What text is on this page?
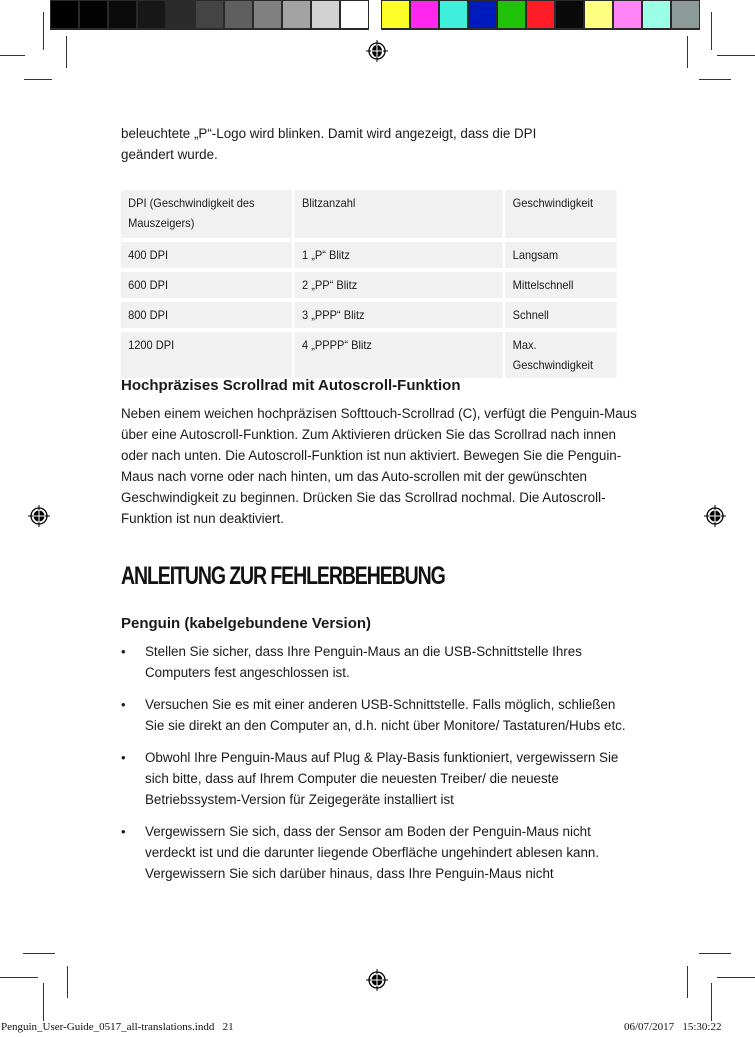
beleuchtete „P“-Logo wird blinken. Damit wird angezeigt, dass die DPI geändert wurde.

DPI (Geschwindigkeit des Mauszeigers)	Blitzanzahl	Geschwindigkeit
400 DPI	1 „P“ Blitz	Langsam
600 DPI	2 „PP“ Blitz	Mittelschnell
800 DPI	3 „PPP“ Blitz	Schnell
1200 DPI	4 „PPPP“ Blitz	Max. Geschwindigkeit
Hochpräzises Scrollrad mit Autoscroll-Funktion

Neben einem weichen hochpräzisen Softtouch-Scrollrad (C), verfügt die Penguin-Maus über eine Autoscroll-Funktion. Zum Aktivieren drücken Sie das Scrollrad nach innen oder nach unten. Die Autoscroll-Funktion ist nun aktiviert. Bewegen Sie die Penguin-Maus nach vorne oder nach hinten, um das Auto-scrollen mit der gewünschten Geschwindigkeit zu beginnen. Drücken Sie das Scrollrad nochmal. Die Autoscroll-Funktion ist nun deaktiviert.

ANLEITUNG ZUR FEHLERBEHEBUNG
Penguin (kabelgebundene Version)
•	Stellen Sie sicher, dass Ihre Penguin-Maus an die USB-Schnittstelle Ihres Computers fest angeschlossen ist.
•	Versuchen Sie es mit einer anderen USB-Schnittstelle. Falls möglich, schließen Sie sie direkt an den Computer an, d.h. nicht über Monitore/ Tastaturen/Hubs etc.
•	Obwohl Ihre Penguin-Maus auf Plug & Play-Basis funktioniert, vergewissern Sie sich bitte, dass auf Ihrem Computer die neuesten Treiber/ die neueste Betriebssystem-Version für Zeigegeräte installiert ist
•	Vergewissern Sie sich, dass der Sensor am Boden der Penguin-Maus nicht verdeckt ist und die darunter liegende Oberfläche ungehindert ablesen kann. Vergewissern Sie sich darüber hinaus, dass Ihre Penguin-Maus nicht
Penguin_User-Guide_0517_all-translations.indd   21	06/07/2017 15:30:22
